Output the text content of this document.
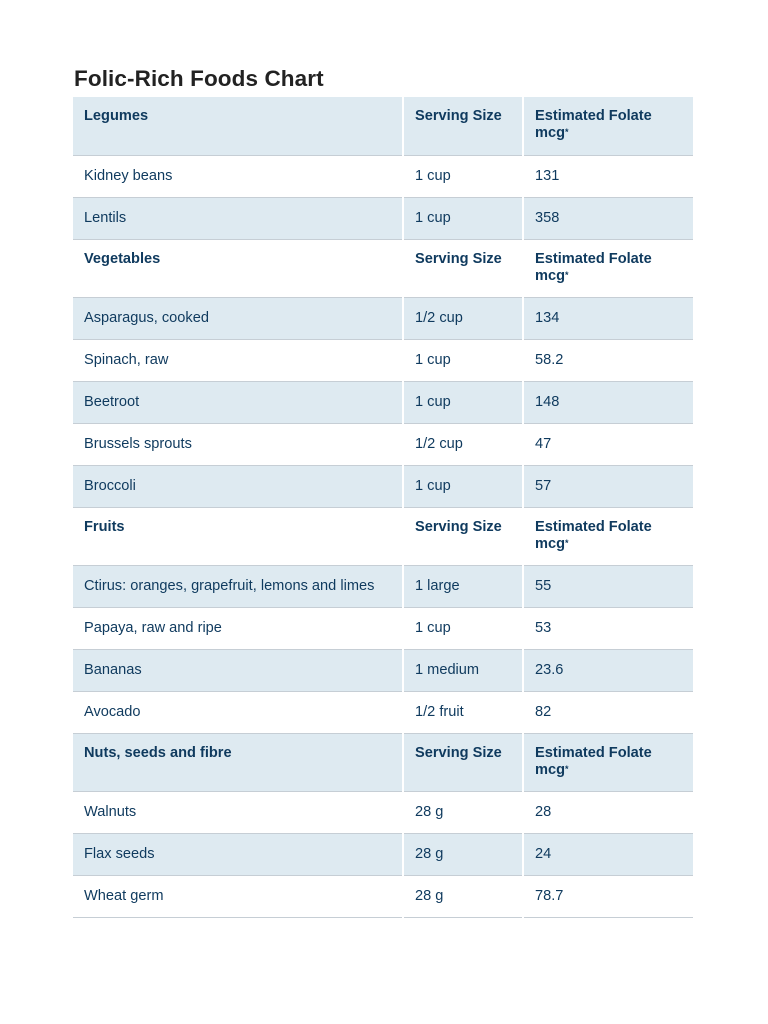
Folic-Rich Foods Chart
Legumes	Serving Size	Estimated Folate mcg*
Kidney beans	1 cup	131
Lentils	1 cup	358
Vegetables	Serving Size	Estimated Folate mcg*
Asparagus, cooked	1/2 cup	134
Spinach, raw	1 cup	58.2
Beetroot	1 cup	148
Brussels sprouts	1/2 cup	47
Broccoli	1 cup	57
Fruits	Serving Size	Estimated Folate mcg*
Ctirus: oranges, grapefruit, lemons and limes	1 large	55
Papaya, raw and ripe	1 cup	53
Bananas	1 medium	23.6
Avocado	1/2 fruit	82
Nuts, seeds and fibre	Serving Size	Estimated Folate mcg*
Walnuts	28 g	28
Flax seeds	28 g	24
Wheat germ	28 g	78.7
